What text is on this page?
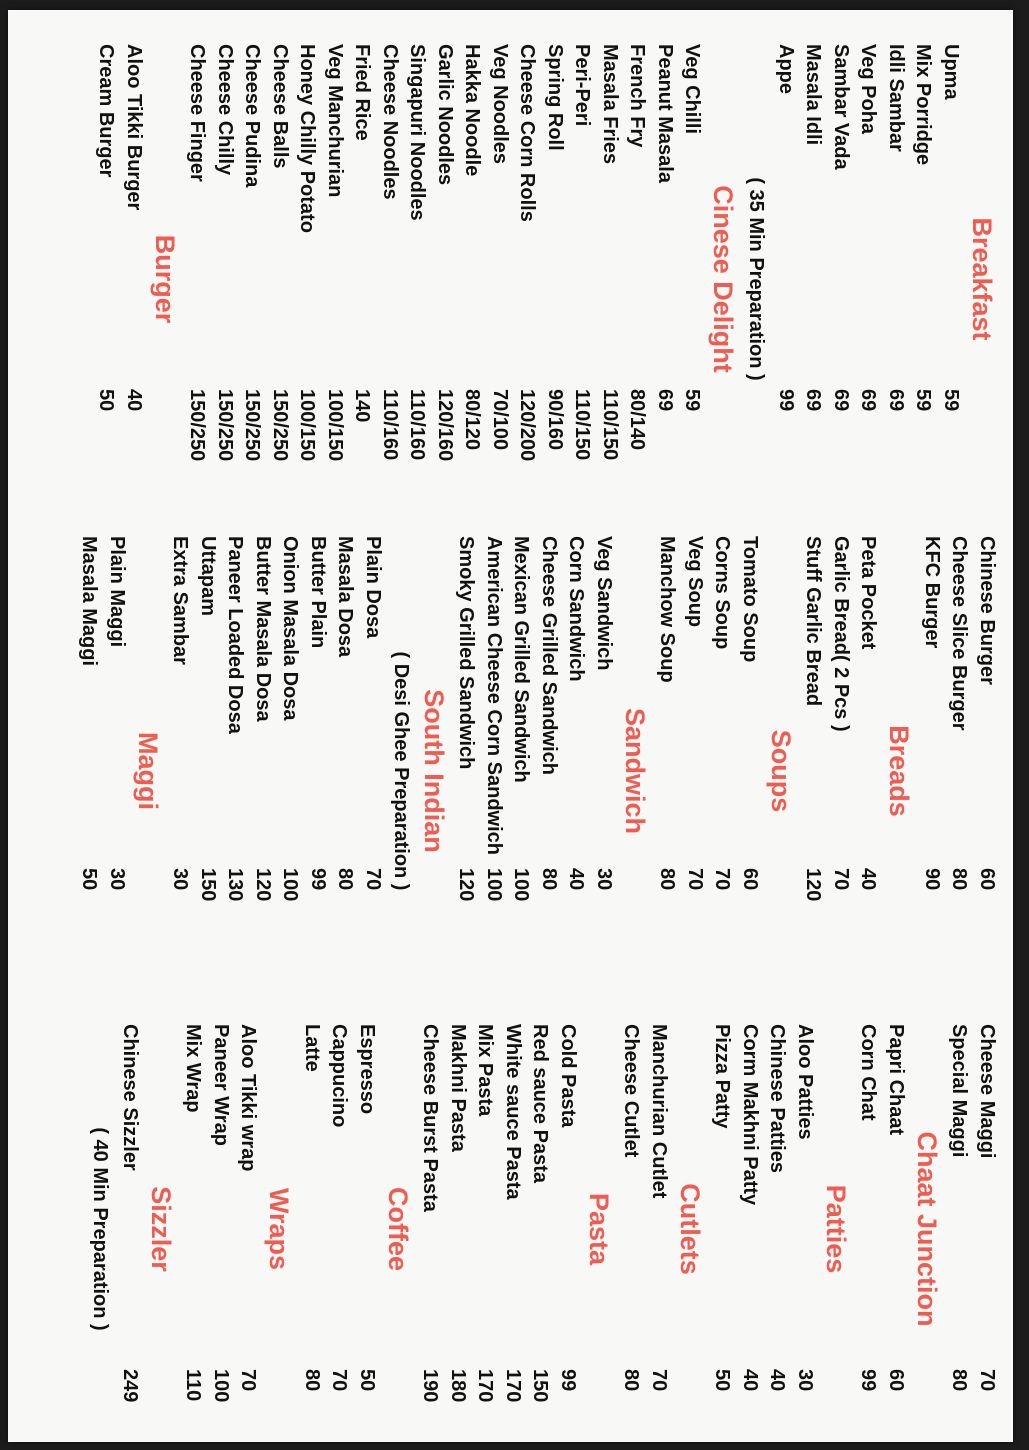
Breakfast
Upma
59
Mix Porridge
59
Idli Sambar
69
Veg Poha
69
Sambar Vada
69
Masala Idli
69
Appe
99
( 35 Min Preparation )
Cinese Delight
Veg Chilli
59
Peanut Masala
69
French Fry
80/140
Masala Fries
110/150
Peri-Peri
110/150
Spring Roll
90/160
Cheese Corn Rolls
120/200
Veg Noodles
70/100
Hakka Noodle
80/120
Garlic Noodles
120/160
Singapuri Noodles
110/160
Cheese Noodles
110/160
Fried Rice
140
Veg Manchurian
100/150
Honey Chilly Potato
100/150
Cheese Balls
150/250
Cheese Pudina
150/250
Cheese Chilly
150/250
Cheese Finger
150/250
Burger
Aloo Tikki Burger
40
Cream Burger
50
Chinese Burger
60
Cheese Slice Burger
80
KFC Burger
90
Breads
Peta Pocket
40
Garlic Bread( 2 Pcs )
70
Stuff Garlic Bread
120
Soups
Tomato Soup
60
Corns Soup
70
Veg Soup
70
Manchow Soup
80
Sandwich
Veg Sandwich
30
Corn Sandwich
40
Cheese Grilled Sandwich
80
Mexican Grilled Sandwich
100
American Cheese Corn Sandwich
100
Smoky Grilled Sandwich
120
South Indian
( Desi Ghee Preparation )
Plain Dosa
70
Masala Dosa
80
Butter Plain
99
Onion Masala Dosa
100
Butter Masala Dosa
120
Paneer Loaded Dosa
130
Uttapam
150
Extra Sambar
30
Maggi
Plain Maggi
30
Masala Maggi
50
Cheese Maggi
70
Special Maggi
80
Chaat Junction
Papri Chaat
60
Corn Chat
99
Patties
Aloo Patties
30
Chinese Patties
40
Corm Makhni Patty
40
Pizza Patty
50
Cutlets
Manchurian Cutlet
70
Cheese Cutlet
80
Pasta
Cold Pasta
99
Red sauce Pasta
150
White sauce Pasta
170
Mix Pasta
170
Makhni Pasta
180
Cheese Burst Pasta
190
Coffee
Espresso
50
Cappucino
70
Latte
80
Wraps
Aloo Tikki wrap
70
Paneer Wrap
100
Mix Wrap
110
Sizzler
Chinese Sizzler
249
( 40 Min Preparation )
